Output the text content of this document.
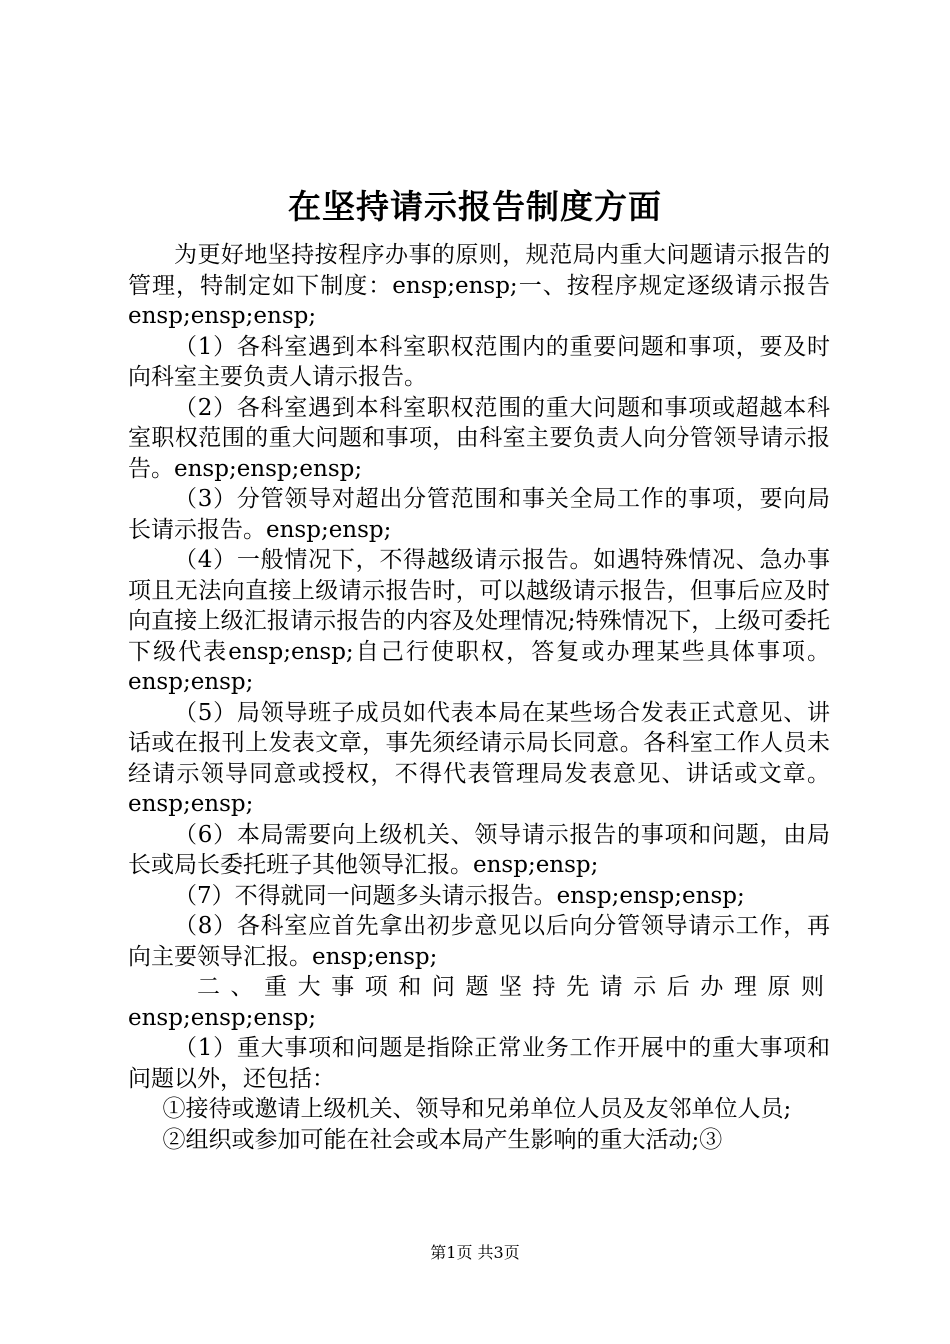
在坚持请示报告制度方面

为更好地坚持按程序办事的原则，规范局内重大问题请示报告的管理，特制定如下制度：ensp;ensp;一、按程序规定逐级请示报告ensp;ensp;ensp;

（1）各科室遇到本科室职权范围内的重要问题和事项，要及时向科室主要负责人请示报告。

（2）各科室遇到本科室职权范围的重大问题和事项或超越本科室职权范围的重大问题和事项，由科室主要负责人向分管领导请示报告。ensp;ensp;ensp;

（3）分管领导对超出分管范围和事关全局工作的事项，要向局长请示报告。ensp;ensp;

（4）一般情况下，不得越级请示报告。如遇特殊情况、急办事项且无法向直接上级请示报告时，可以越级请示报告，但事后应及时向直接上级汇报请示报告的内容及处理情况;特殊情况下，上级可委托下级代表ensp;ensp;自己行使职权，答复或办理某些具体事项。ensp;ensp;

（5）局领导班子成员如代表本局在某些场合发表正式意见、讲话或在报刊上发表文章，事先须经请示局长同意。各科室工作人员未经请示领导同意或授权，不得代表管理局发表意见、讲话或文章。ensp;ensp;

（6）本局需要向上级机关、领导请示报告的事项和问题，由局长或局长委托班子其他领导汇报。ensp;ensp;

（7）不得就同一问题多头请示报告。ensp;ensp;ensp;

（8）各科室应首先拿出初步意见以后向分管领导请示工作，再向主要领导汇报。ensp;ensp;

二、重大事项和问题坚持先请示后办理原则

ensp;ensp;ensp;

（1）重大事项和问题是指除正常业务工作开展中的重大事项和问题以外，还包括：

①接待或邀请上级机关、领导和兄弟单位人员及友邻单位人员;

②组织或参加可能在社会或本局产生影响的重大活动;③

第1页 共3页
